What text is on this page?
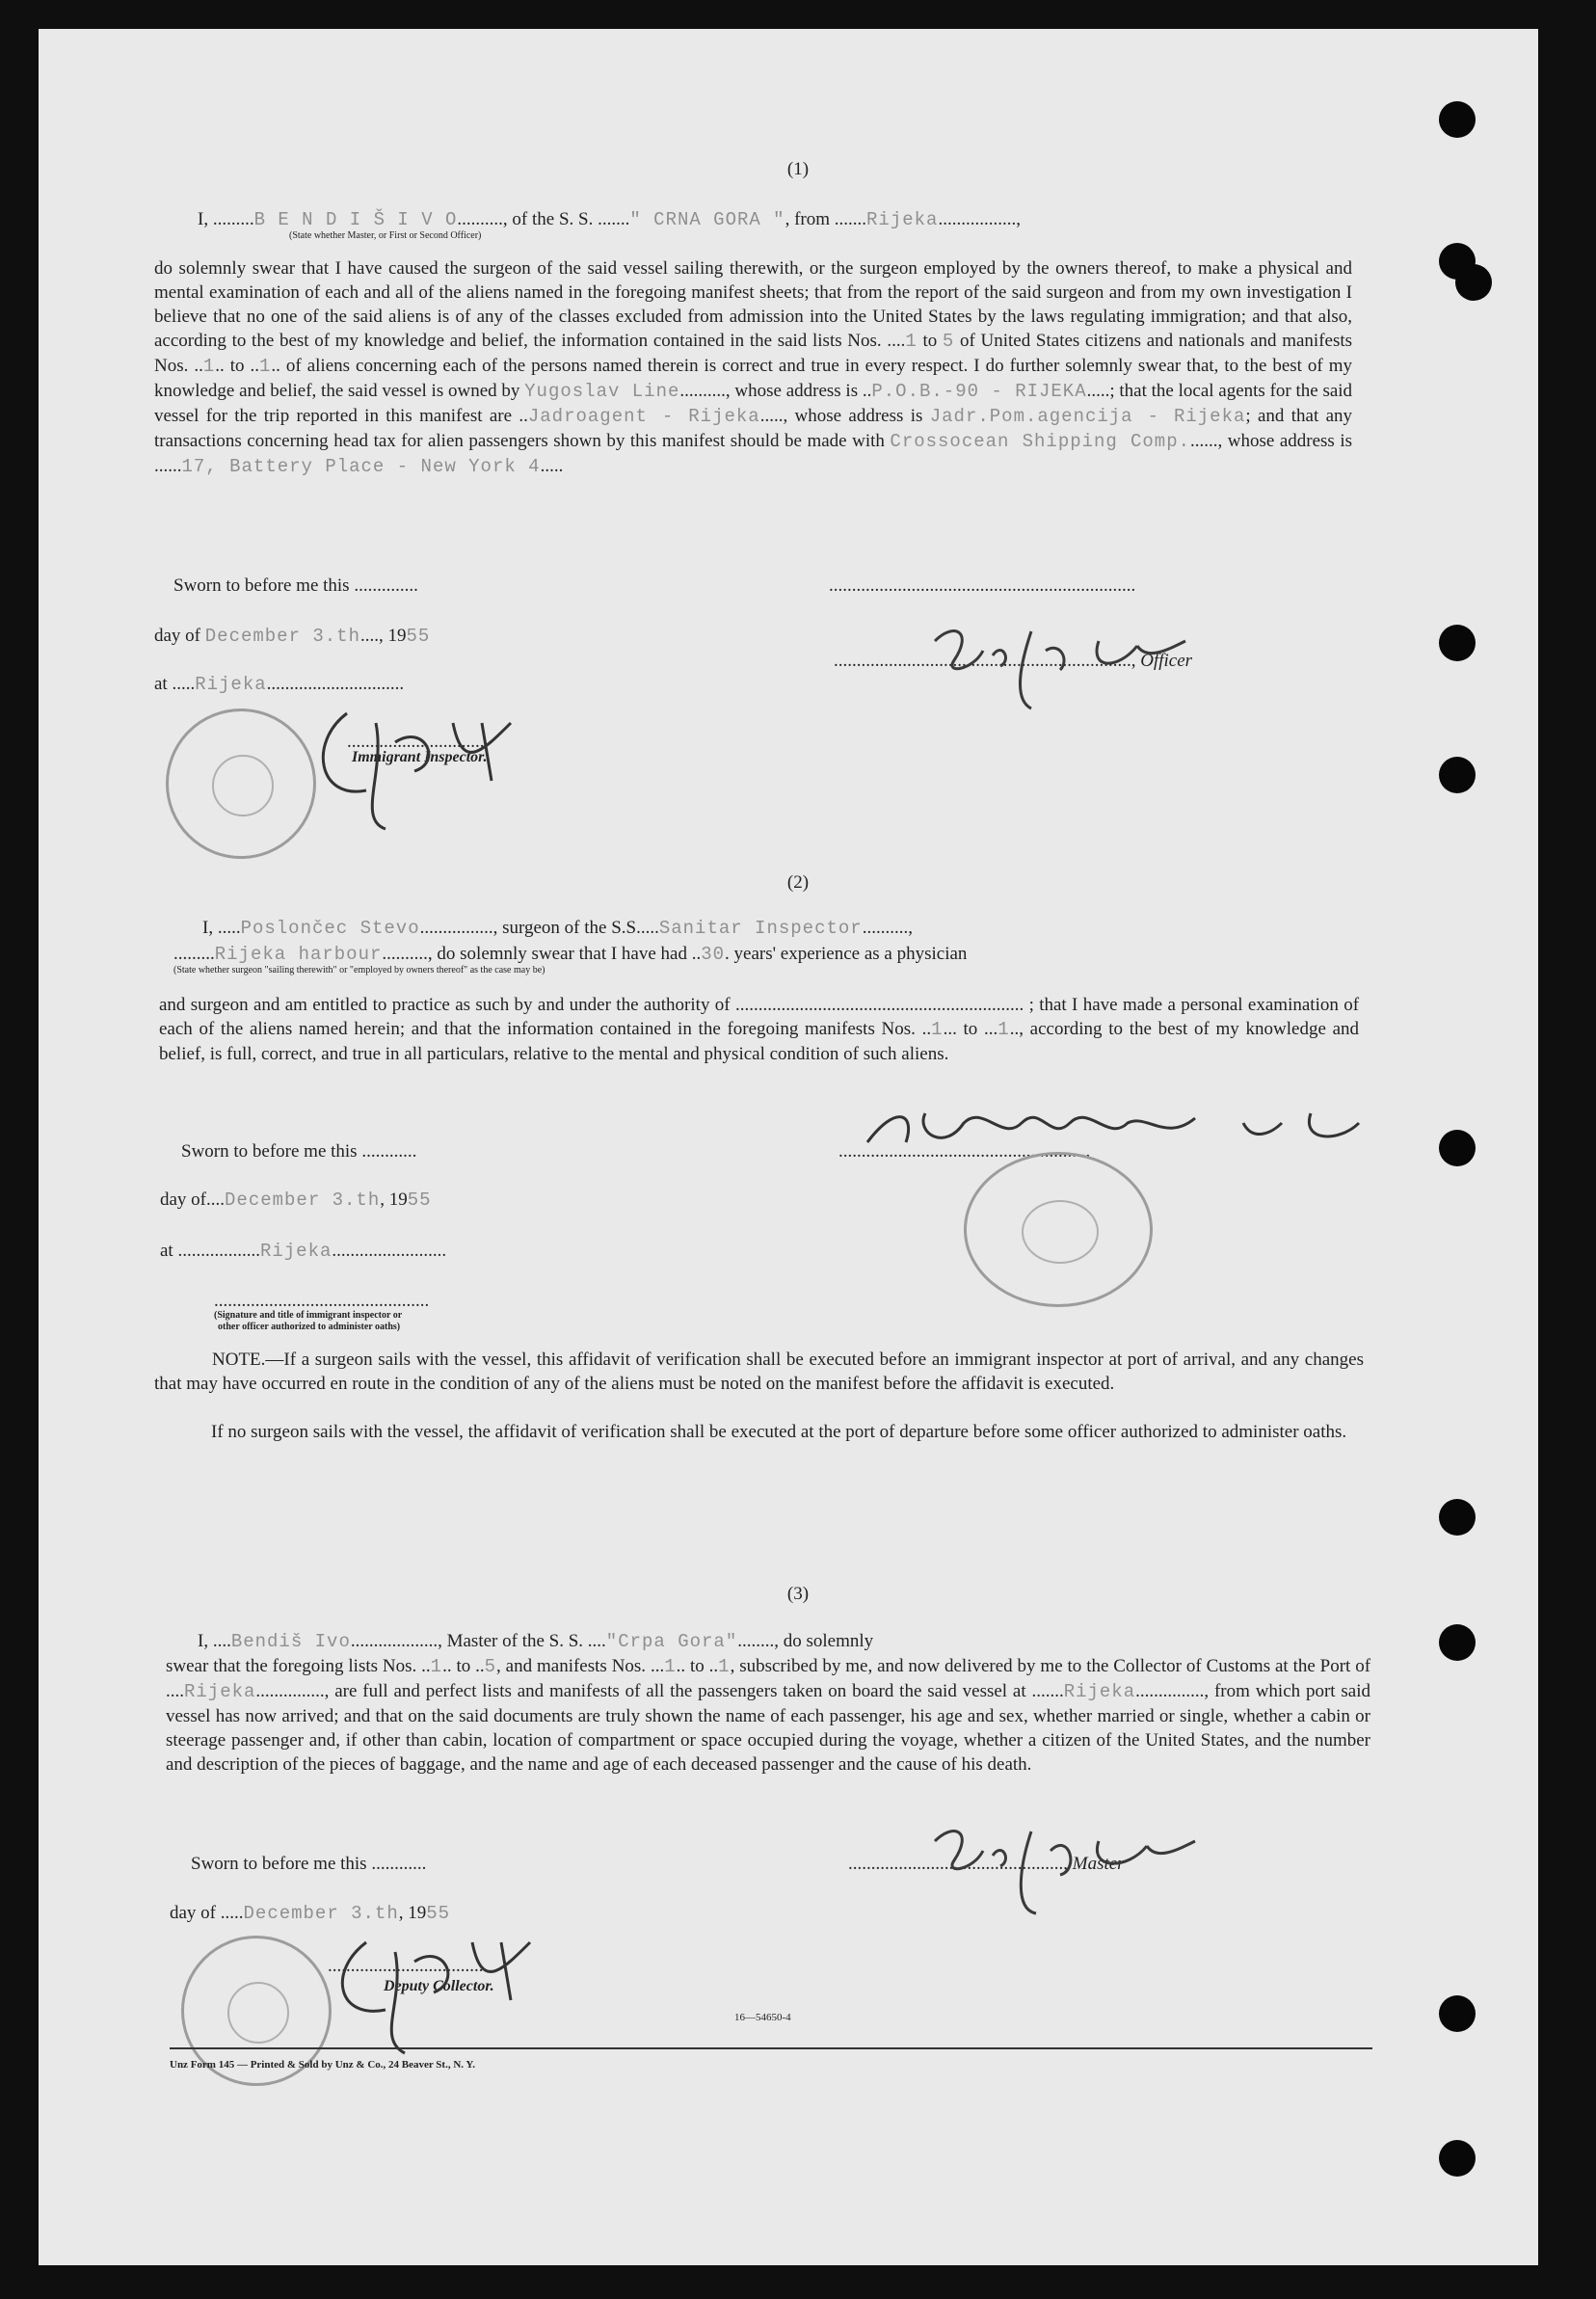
(1)
I, .........B E N D I Š I V O.........., of the S. S. ......." CRNA GORA ", from .......Rijeka.................,
(State whether Master, or First or Second Officer)
do solemnly swear that I have caused the surgeon of the said vessel sailing therewith, or the surgeon employed by the owners thereof, to make a physical and mental examination of each and all of the aliens named in the foregoing manifest sheets; that from the report of the said surgeon and from my own investigation I believe that no one of the said aliens is of any of the classes excluded from admission into the United States by the laws regulating immigration; and that also, according to the best of my knowledge and belief, the information contained in the said lists Nos. ....1 to 5 of United States citizens and nationals and manifests Nos. ..1.. to ..1.. of aliens concerning each of the persons named therein is correct and true in every respect. I do further solemnly swear that, to the best of my knowledge and belief, the said vessel is owned by Yugoslav Line.........., whose address is ..P.O.B.-90 - RIJEKA.....; that the local agents for the said vessel for the trip reported in this manifest are ..Jadroagent - Rijeka....., whose address is Jadr.Pom.agencija - Rijeka; and that any transactions concerning head tax for alien passengers shown by this manifest should be made with Crossocean Shipping Comp......., whose address is ......17, Battery Place - New York 4.....
Sworn to before me this ..............	...................................................................
day of December 3.th...., 1955
................................................................., Officer
at .....Rijeka..............................
..............................
Immigrant Inspector.
(2)
I, .....Poslončec Stevo................, surgeon of the S.S.....Sanitar Inspector..........,
.........Rijeka harbour.........., do solemnly swear that I have had ..30. years' experience as a physician
(State whether surgeon "sailing therewith" or "employed by owners thereof" as the case may be)
and surgeon and am entitled to practice as such by and under the authority of ............................................................... ; that I have made a personal examination of each of the aliens named herein; and that the information contained in the foregoing manifests Nos. ..1... to ...1.., according to the best of my knowledge and belief, is full, correct, and true in all particulars, relative to the mental and physical condition of such aliens.
Sworn to before me this ............	.......................................................
day of....December 3.th, 1955
at ..................Rijeka.........................
...............................................
(Signature and title of immigrant inspector or
other officer authorized to administer oaths)
NOTE.—If a surgeon sails with the vessel, this affidavit of verification shall be executed before an immigrant inspector at port of arrival, and any changes that may have occurred en route in the condition of any of the aliens must be noted on the manifest before the affidavit is executed.
If no surgeon sails with the vessel, the affidavit of verification shall be executed at the port of departure before some officer authorized to administer oaths.
(3)
I, ....Bendiš Ivo..................., Master of the S. S. ...."Crpa Gora"........, do solemnly
swear that the foregoing lists Nos. ..1.. to ..5, and manifests Nos. ...1.. to ..1, subscribed by me, and now delivered by me to the Collector of Customs at the Port of ....Rijeka..............., are full and perfect lists and manifests of all the passengers taken on board the said vessel at .......Rijeka..............., from which port said vessel has now arrived; and that on the said documents are truly shown the name of each passenger, his age and sex, whether married or single, whether a cabin or steerage passenger and, if other than cabin, location of compartment or space occupied during the voyage, whether a citizen of the United States, and the number and description of the pieces of baggage, and the name and age of each deceased passenger and the cause of his death.
Sworn to before me this ............	..............................................., Master
day of .....December 3.th, 1955
...................................
Deputy Collector.
16—54650-4
Unz Form 145 — Printed & Sold by Unz & Co., 24 Beaver St., N. Y.
